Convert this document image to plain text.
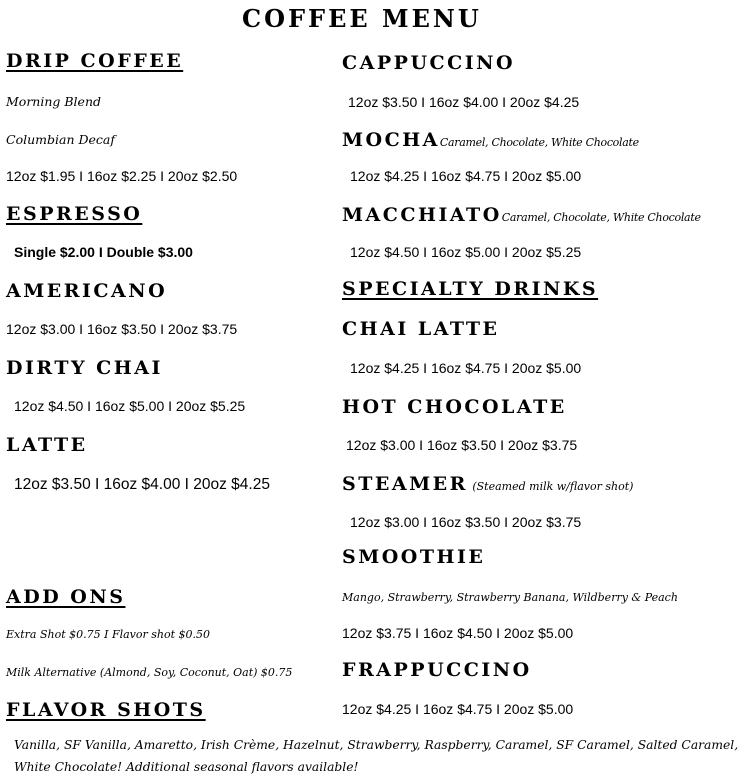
COFFEE MENU
DRIP COFFEE
Morning Blend
Columbian Decaf
12oz $1.95 I 16oz $2.25 I 20oz $2.50
ESPRESSO
Single $2.00 I Double $3.00
AMERICANO
12oz $3.00 I 16oz $3.50 I 20oz $3.75
DIRTY CHAI
12oz $4.50 I 16oz $5.00 I 20oz $5.25
LATTE
12oz $3.50 I 16oz $4.00 I 20oz $4.25
ADD ONS
Extra Shot $0.75 I Flavor shot $0.50
Milk Alternative (Almond, Soy, Coconut, Oat) $0.75
FLAVOR SHOTS
CAPPUCCINO
12oz $3.50 I 16oz $4.00 I 20oz $4.25
MOCHACaramel, Chocolate, White Chocolate
12oz $4.25 I 16oz $4.75 I 20oz $5.00
MACCHIATOCaramel, Chocolate, White Chocolate
12oz $4.50 I 16oz $5.00 I 20oz $5.25
SPECIALTY DRINKS
CHAI LATTE
12oz $4.25 I 16oz $4.75 I 20oz $5.00
HOT CHOCOLATE
12oz $3.00 I 16oz $3.50 I 20oz $3.75
STEAMER (Steamed milk w/flavor shot)
12oz $3.00 I 16oz $3.50 I 20oz $3.75
SMOOTHIE
Mango, Strawberry, Strawberry Banana, Wildberry & Peach
12oz $3.75 I 16oz $4.50 I 20oz $5.00
FRAPPUCCINO
12oz $4.25 I 16oz $4.75 I 20oz $5.00
Vanilla, SF Vanilla, Amaretto, Irish Crème, Hazelnut, Strawberry, Raspberry, Caramel, SF Caramel, Salted Caramel, White Chocolate! Additional seasonal flavors available!
